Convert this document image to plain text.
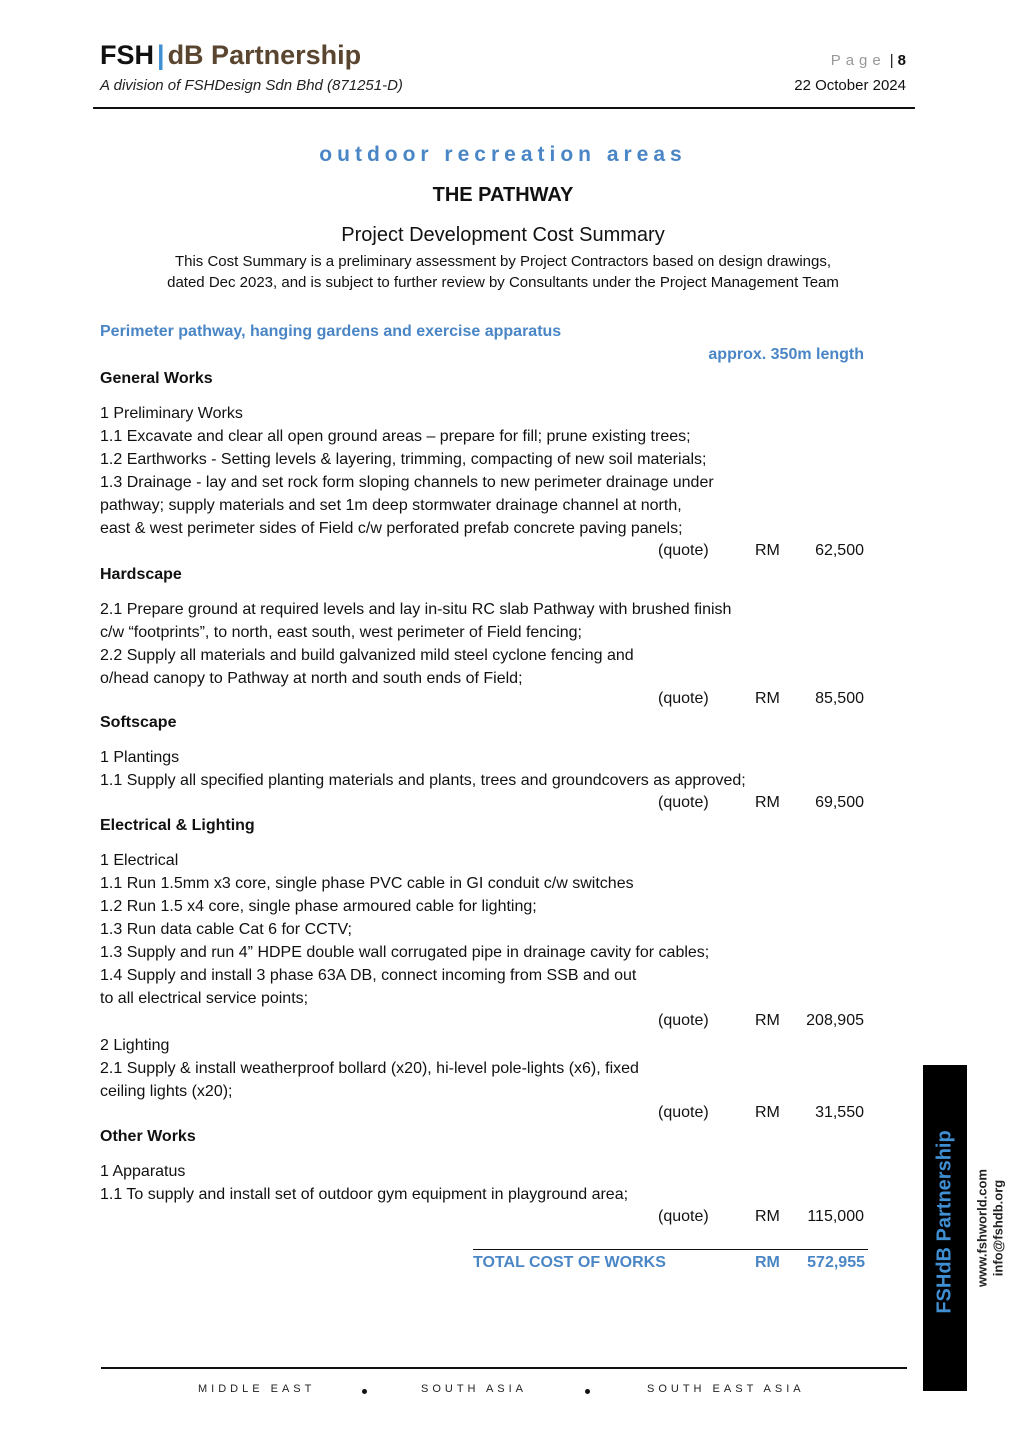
FSH | dB Partnership
A division of FSHDesign Sdn Bhd (871251-D)
Page | 8
22 October 2024
outdoor recreation areas
THE PATHWAY
Project Development Cost Summary
This Cost Summary is a preliminary assessment by Project Contractors based on design drawings,
dated Dec 2023, and is subject to further review by Consultants under the Project Management Team
Perimeter pathway, hanging gardens and exercise apparatus
approx. 350m length
General Works
1 Preliminary Works
1.1 Excavate and clear all open ground areas – prepare for fill; prune existing trees;
1.2 Earthworks - Setting levels & layering, trimming, compacting of new soil materials;
1.3 Drainage - lay and set rock form sloping channels to new perimeter drainage under
pathway; supply materials and set 1m deep stormwater drainage channel at north,
east & west perimeter sides of Field c/w perforated prefab concrete paving panels;
(quote)	RM 62,500
Hardscape
2.1 Prepare ground at required levels and lay in-situ RC slab Pathway with brushed finish
c/w “footprints”, to north, east south, west perimeter of Field fencing;
2.2 Supply all materials and build galvanized mild steel cyclone fencing and
o/head canopy to Pathway at north and south ends of Field;
(quote)	RM 85,500
Softscape
1 Plantings
1.1 Supply all specified planting materials and plants, trees and groundcovers as approved;
(quote)	RM 69,500
Electrical & Lighting
1 Electrical
1.1 Run 1.5mm x3 core, single phase PVC cable in GI conduit c/w switches
1.2 Run 1.5 x4 core, single phase armoured cable for lighting;
1.3 Run data cable Cat 6 for CCTV;
1.3 Supply and run 4” HDPE double wall corrugated pipe in drainage cavity for cables;
1.4 Supply and install 3 phase 63A DB, connect incoming from SSB and out
to all electrical service points;
(quote)	RM 208,905
2 Lighting
2.1 Supply & install weatherproof bollard (x20), hi-level pole-lights (x6), fixed
ceiling lights (x20);
(quote)	RM 31,550
Other Works
1 Apparatus
1.1 To supply and install set of outdoor gym equipment in playground area;
(quote)	RM 115,000
TOTAL COST OF WORKS	RM 572,955	FSHdB Partnership www.fshworld.com info@fshdb.org
MIDDLE EAST	SOUTH ASIA	SOUTH EAST ASIA
